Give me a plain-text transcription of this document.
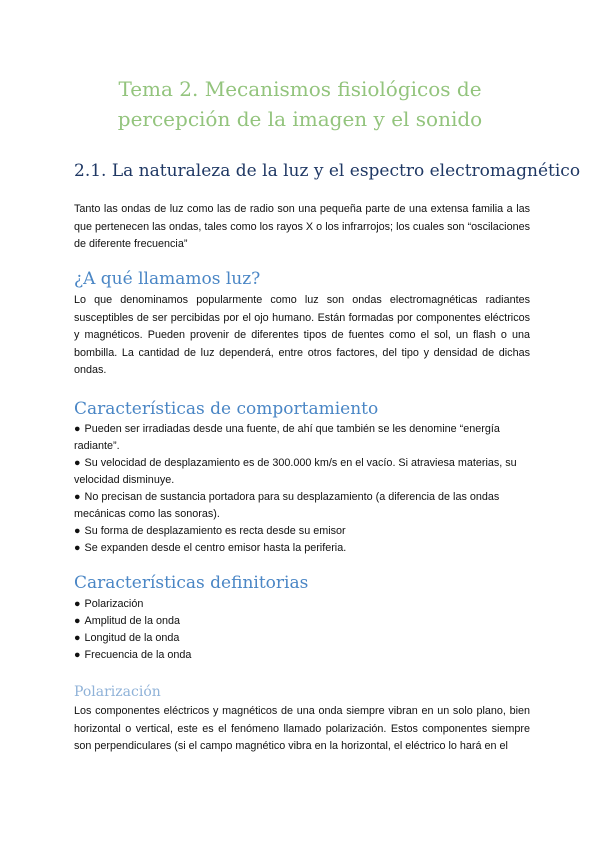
Tema 2. Mecanismos fisiológicos de percepción de la imagen y el sonido
2.1. La naturaleza de la luz y el espectro electromagnético
Tanto las ondas de luz como las de radio son una pequeña parte de una extensa familia a las que pertenecen las ondas, tales como los rayos X o los infrarrojos; los cuales son “oscilaciones de diferente frecuencia”
¿A qué llamamos luz?
Lo que denominamos popularmente como luz son ondas electromagnéticas radiantes susceptibles de ser percibidas por el ojo humano. Están formadas por componentes eléctricos y magnéticos. Pueden provenir de diferentes tipos de fuentes como el sol, un flash o una bombilla. La cantidad de luz dependerá, entre otros factores, del tipo y densidad de dichas ondas.
Características de comportamiento
● Pueden ser irradiadas desde una fuente, de ahí que también se les denomine “energía radiante”.
● Su velocidad de desplazamiento es de 300.000 km/s en el vacío. Si atraviesa materias, su velocidad disminuye.
● No precisan de sustancia portadora para su desplazamiento (a diferencia de las ondas mecánicas como las sonoras).
● Su forma de desplazamiento es recta desde su emisor
● Se expanden desde el centro emisor hasta la periferia.
Características definitorias
● Polarización
● Amplitud de la onda
● Longitud de la onda
● Frecuencia de la onda
Polarización
Los componentes eléctricos y magnéticos de una onda siempre vibran en un solo plano, bien horizontal o vertical, este es el fenómeno llamado polarización. Estos componentes siempre son perpendiculares (si el campo magnético vibra en la horizontal, el eléctrico lo hará en el
